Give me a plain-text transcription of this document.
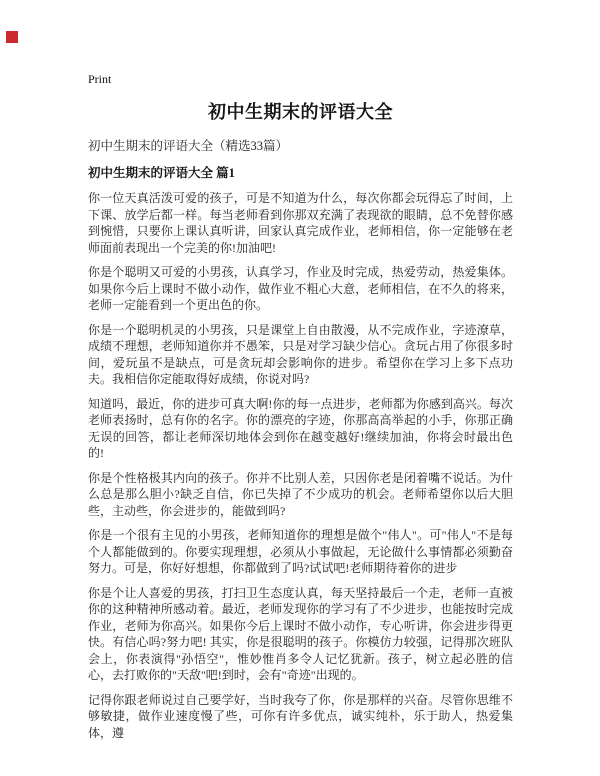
Print
初中生期末的评语大全

初中生期末的评语大全（精选33篇）

初中生期末的评语大全 篇1

你一位天真活泼可爱的孩子，可是不知道为什么，每次你都会玩得忘了时间，上下课、放学后都一样。每当老师看到你那双充满了表现欲的眼睛，总不免替你感到惋惜，只要你上课认真听讲，回家认真完成作业，老师相信，你一定能够在老师面前表现出一个完美的你!加油吧!

你是个聪明又可爱的小男孩，认真学习，作业及时完成，热爱劳动，热爱集体。如果你今后上课时不做小动作，做作业不粗心大意，老师相信，在不久的将来，老师一定能看到一个更出色的你。

你是一个聪明机灵的小男孩，只是课堂上自由散漫，从不完成作业，字迹潦草，成绩不理想，老师知道你并不愚笨，只是对学习缺少信心。贪玩占用了你很多时间，爱玩虽不是缺点，可是贪玩却会影响你的进步。希望你在学习上多下点功夫。我相信你定能取得好成绩，你说对吗?

知道吗，最近，你的进步可真大啊!你的每一点进步，老师都为你感到高兴。每次老师表扬时，总有你的名字。你的漂亮的字迹，你那高高举起的小手，你那正确无误的回答，都让老师深切地体会到你在越变越好!继续加油，你将会时最出色的!

你是个性格极其内向的孩子。你并不比别人差，只因你老是闭着嘴不说话。为什么总是那么胆小?缺乏自信，你已失掉了不少成功的机会。老师希望你以后大胆些，主动些，你会进步的，能做到吗?

你是一个很有主见的小男孩，老师知道你的理想是做个"伟人"。可"伟人"不是每个人都能做到的。你要实现理想，必须从小事做起，无论做什么事情都必须勤奋努力。可是，你好好想想，你都做到了吗?试试吧!老师期待着你的进步

你是个让人喜爱的男孩，打扫卫生态度认真，每天坚持最后一个走，老师一直被你的这种精神所感动着。最近，老师发现你的学习有了不少进步，也能按时完成作业，老师为你高兴。如果你今后上课时不做小动作，专心听讲，你会进步得更快。有信心吗?努力吧! 其实，你是很聪明的孩子。你模仿力较强，记得那次班队会上，你表演得"孙悟空"，惟妙惟肖多令人记忆犹新。孩子，树立起必胜的信心，去打败你的"天敌"吧!到时，会有"奇迹"出现的。

记得你跟老师说过自己要学好，当时我夸了你，你是那样的兴奋。尽管你思维不够敏捷，做作业速度慢了些，可你有许多优点，诚实纯朴，乐于助人，热爱集体，遵
